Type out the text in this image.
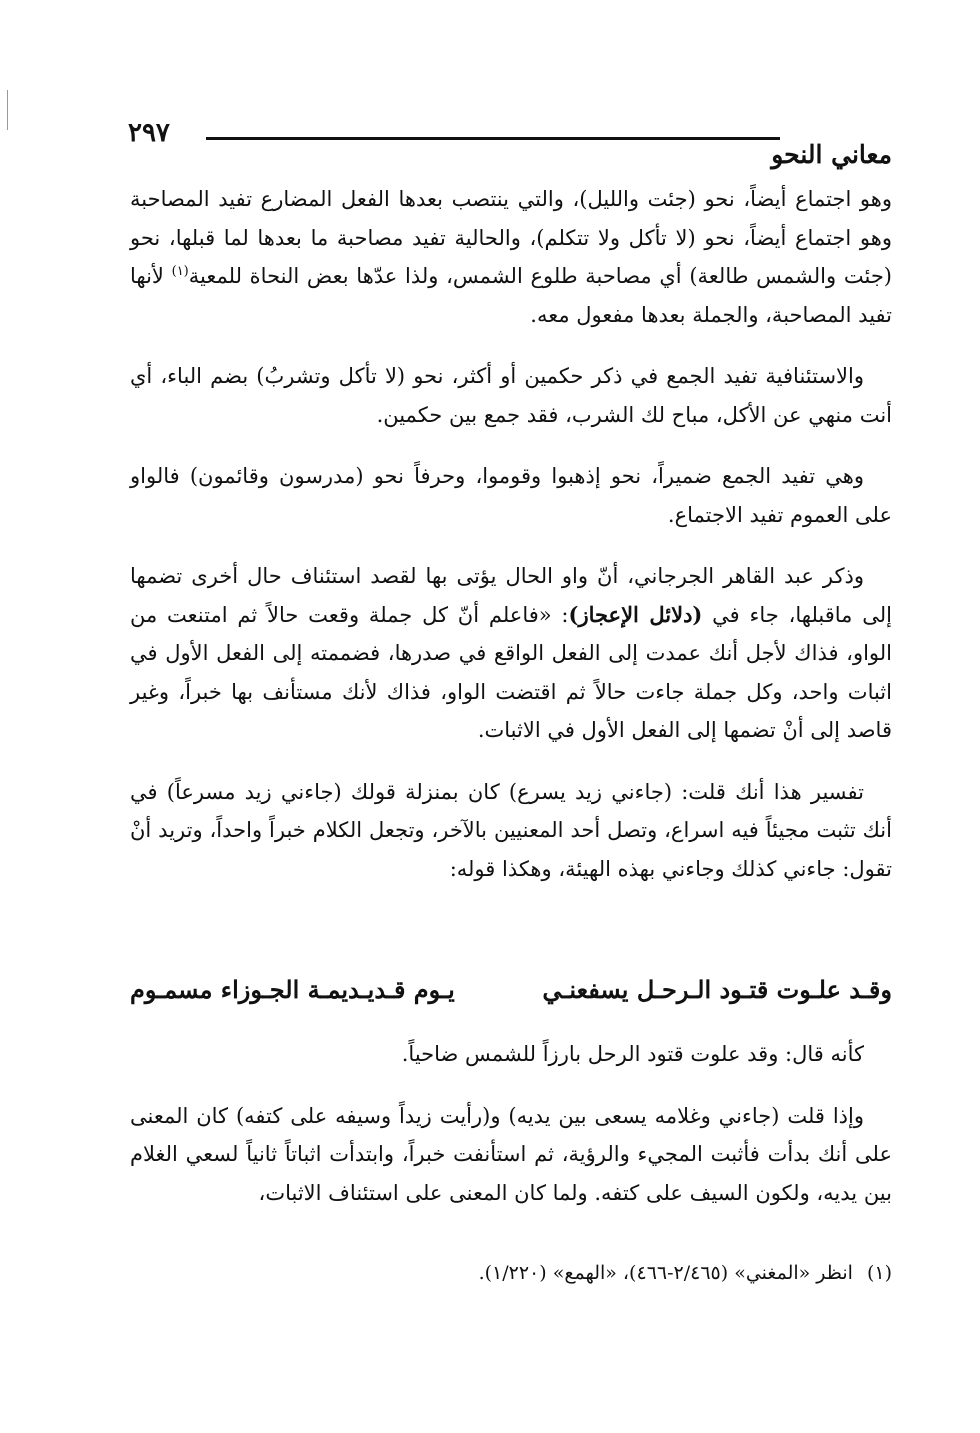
معاني النحو
٢٩٧

وهو اجتماع أيضاً، نحو (جئت والليل)، والتي ينتصب بعدها الفعل المضارع تفيد المصاحبة وهو اجتماع أيضاً، نحو (لا تأكل ولا تتكلم)، والحالية تفيد مصاحبة ما بعدها لما قبلها، نحو (جئت والشمس طالعة) أي مصاحبة طلوع الشمس، ولذا عدّها بعض النحاة للمعية$^{(١)}$ لأنها تفيد المصاحبة، والجملة بعدها مفعول معه.

والاستئنافية تفيد الجمع في ذكر حكمين أو أكثر، نحو (لا تأكل وتشربُ) بضم الباء، أي أنت منهي عن الأكل، مباح لك الشرب، فقد جمع بين حكمين.

وهي تفيد الجمع ضميراً، نحو إذهبوا وقوموا، وحرفاً نحو (مدرسون وقائمون) فالواو على العموم تفيد الاجتماع.

وذكر عبد القاهر الجرجاني، أنّ واو الحال يؤتى بها لقصد استئناف حال أخرى تضمها إلى ماقبلها، جاء في (دلائل الإعجاز): «فاعلم أنّ كل جملة وقعت حالاً ثم امتنعت من الواو، فذاك لأجل أنك عمدت إلى الفعل الواقع في صدرها، فضممته إلى الفعل الأول في اثبات واحد، وكل جملة جاءت حالاً ثم اقتضت الواو، فذاك لأنك مستأنف بها خبراً، وغير قاصد إلى أنْ تضمها إلى الفعل الأول في الاثبات.

تفسير هذا أنك قلت: (جاءني زيد يسرع) كان بمنزلة قولك (جاءني زيد مسرعاً) في أنك تثبت مجيئاً فيه اسراع، وتصل أحد المعنيين بالآخر، وتجعل الكلام خبراً واحداً، وتريد أنْ تقول: جاءني كذلك وجاءني بهذه الهيئة، وهكذا قوله:

وقـد علـوت قتـود الـرحـل يسفعنـي
يـوم قـديـديمـة الجـوزاء مسمـوم

كأنه قال: وقد علوت قتود الرحل بارزاً للشمس ضاحياً.

وإذا قلت (جاءني وغلامه يسعى بين يديه) و(رأيت زيداً وسيفه على كتفه) كان المعنى على أنك بدأت فأثبت المجيء والرؤية، ثم استأنفت خبراً، وابتدأت اثباتاً ثانياً لسعي الغلام بين يديه، ولكون السيف على كتفه. ولما كان المعنى على استئناف الاثبات،

(١)انظر «المغني» (٢/٤٦٥-٤٦٦)، «الهمع» (١/٢٢٠).
